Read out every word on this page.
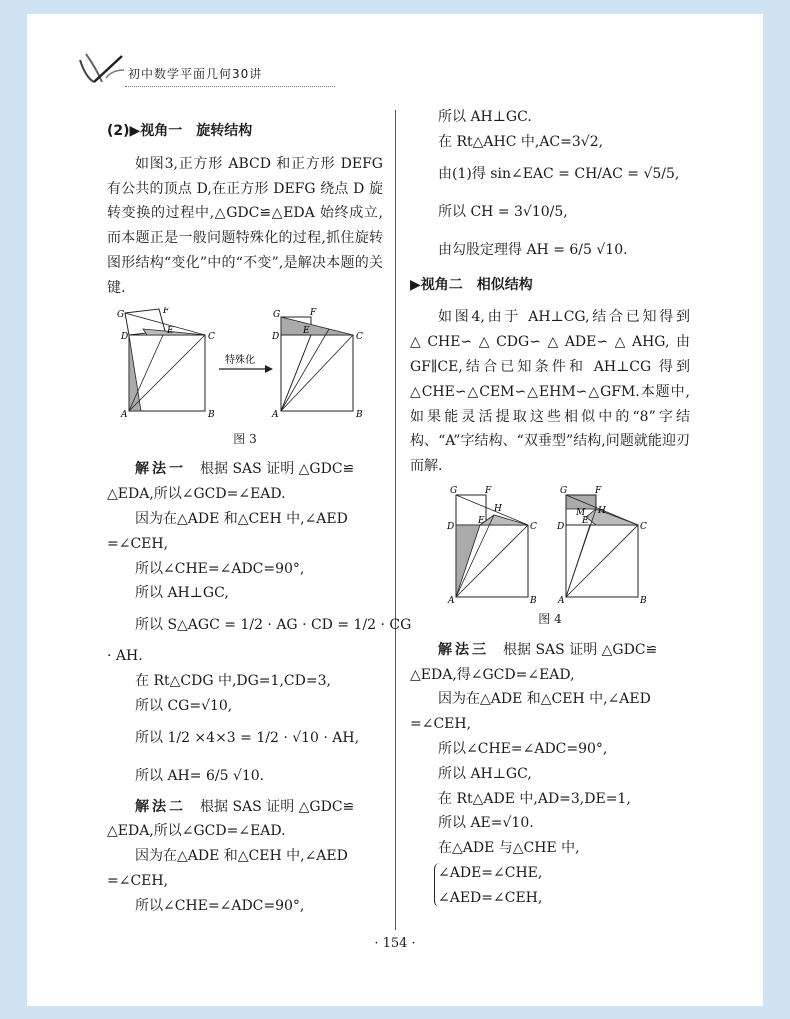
初中数学平面几何30讲
(2)▶视角一　旋转结构

如图3,正方形 ABCD 和正方形 DEFG 有公共的顶点 D,在正方形 DEFG 绕点 D 旋转变换的过程中,△GDC≌△EDA 始终成立,而本题正是一般问题特殊化的过程,抓住旋转图形结构“变化”中的“不变”,是解决本题的关键.

G	F
D
E
C
A	B
特殊化
G	F
D
E
C
A	B
图 3

解法一　 根据 SAS 证明 △GDC≌

△EDA,所以∠GCD=∠EAD.

因为在△ADE 和△CEH 中,∠AED

=∠CEH,

所以∠CHE=∠ADC=90°,

所以 AH⊥GC,

所以 S△AGC = 1/2 · AG · CD = 1/2 · CG

· AH.

在 Rt△CDG 中,DG=1,CD=3,

所以 CG=√10,

所以 1/2 ×4×3 = 1/2 · √10 · AH,

所以 AH= 6/5 √10.

解法二　 根据 SAS 证明 △GDC≌

△EDA,所以∠GCD=∠EAD.

因为在△ADE 和△CEH 中,∠AED

=∠CEH,

所以∠CHE=∠ADC=90°,

所以 AH⊥GC.

在 Rt△AHC 中,AC=3√2,

由(1)得 sin∠EAC = CH/AC = √5/5,

所以 CH = 3√10/5,

由勾股定理得 AH = 6/5 √10.

▶视角二　相似结构

如图4,由于 AH⊥CG,结合已知得到△CHE∽△CDG∽△ADE∽△AHG,由 GF∥CE,结合已知条件和 AH⊥CG 得到△CHE∽△CEM∽△EHM∽△GFM.本题中,如果能灵活提取这些相似中的“8”字结构、“A”字结构、“双垂型”结构,问题就能迎刃而解.

G	F
H
D
E
C
A	B
G	F
H
M
D
E
C
A	B
图 4

解法三　 根据 SAS 证明 △GDC≌

△EDA,得∠GCD=∠EAD,

因为在△ADE 和△CEH 中,∠AED

=∠CEH,

所以∠CHE=∠ADC=90°,

所以 AH⊥GC,

在 Rt△ADE 中,AD=3,DE=1,

所以 AE=√10.

在△ADE 与△CHE 中,

∠ADE=∠CHE,

∠AED=∠CEH,

· 154 ·
